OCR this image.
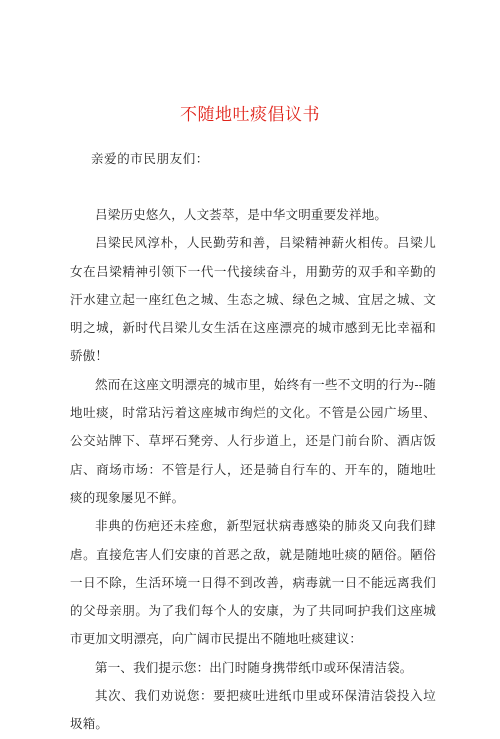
不随地吐痰倡议书
亲爱的市民朋友们：

吕梁历史悠久，人文荟萃，是中华文明重要发祥地。

吕梁民风淳朴，人民勤劳和善，吕梁精神薪火相传。吕梁儿女在吕梁精神引领下一代一代接续奋斗，用勤劳的双手和辛勤的汗水建立起一座红色之城、生态之城、绿色之城、宜居之城、文明之城，新时代吕梁儿女生活在这座漂亮的城市感到无比幸福和骄傲！

然而在这座文明漂亮的城市里，始终有一些不文明的行为--随地吐痰，时常玷污着这座城市绚烂的文化。不管是公园广场里、公交站牌下、草坪石凳旁、人行步道上，还是门前台阶、酒店饭店、商场市场：不管是行人，还是骑自行车的、开车的，随地吐痰的现象屡见不鲜。

非典的伤疤还未痊愈，新型冠状病毒感染的肺炎又向我们肆虐。直接危害人们安康的首恶之敌，就是随地吐痰的陋俗。陋俗一日不除，生活环境一日得不到改善，病毒就一日不能远离我们的父母亲朋。为了我们每个人的安康，为了共同呵护我们这座城市更加文明漂亮，向广阔市民提出不随地吐痰建议：

第一、我们提示您：出门时随身携带纸巾或环保清洁袋。

其次、我们劝说您：要把痰吐进纸巾里或环保清洁袋投入垃圾箱。
